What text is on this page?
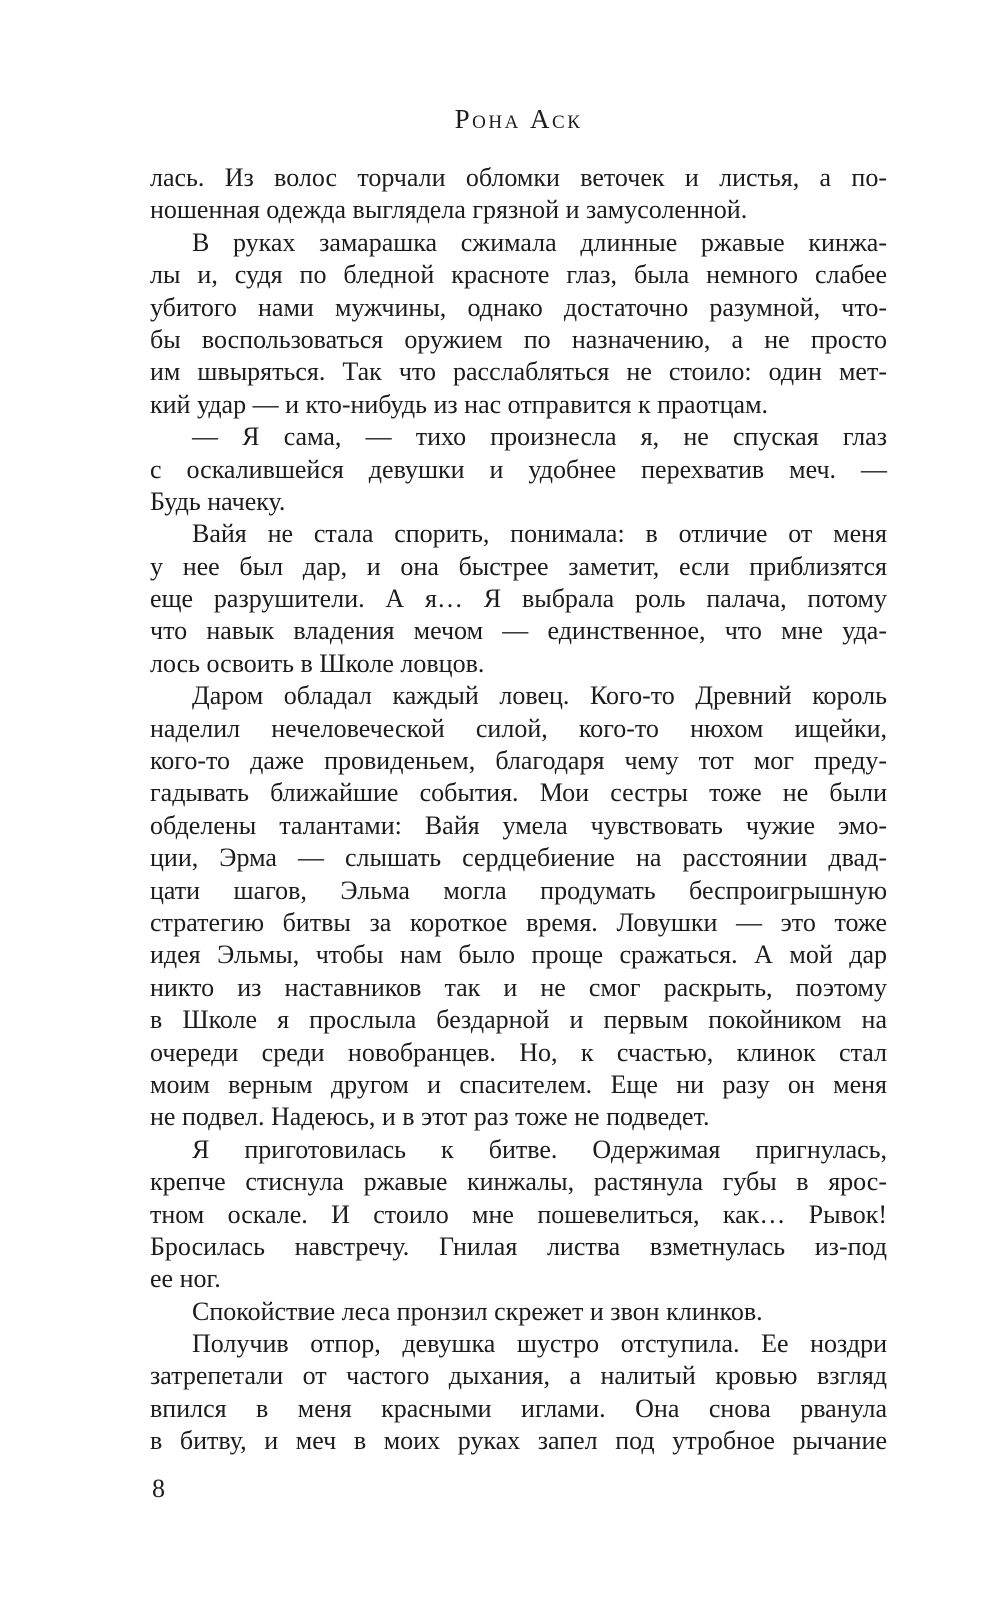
Рона Аск
лась. Из волос торчали обломки веточек и листья, а по-
ношенная одежда выглядела грязной и замусоленной.
В руках замарашка сжимала длинные ржавые кинжа-
лы и, судя по бледной красноте глаз, была немного слабее
убитого нами мужчины, однако достаточно разумной, что-
бы воспользоваться оружием по назначению, а не просто
им швыряться. Так что расслабляться не стоило: один мет-
кий удар — и кто-нибудь из нас отправится к праотцам.
— Я сама, — тихо произнесла я, не спуская глаз
с оскалившейся девушки и удобнее перехватив меч. —
Будь начеку.
Вайя не стала спорить, понимала: в отличие от меня
у нее был дар, и она быстрее заметит, если приблизятся
еще разрушители. А я… Я выбрала роль палача, потому
что навык владения мечом — единственное, что мне уда-
лось освоить в Школе ловцов.
Даром обладал каждый ловец. Кого-то Древний король
наделил нечеловеческой силой, кого-то нюхом ищейки,
кого-то даже провиденьем, благодаря чему тот мог преду-
гадывать ближайшие события. Мои сестры тоже не были
обделены талантами: Вайя умела чувствовать чужие эмо-
ции, Эрма — слышать сердцебиение на расстоянии двад-
цати шагов, Эльма могла продумать беспроигрышную
стратегию битвы за короткое время. Ловушки — это тоже
идея Эльмы, чтобы нам было проще сражаться. А мой дар
никто из наставников так и не смог раскрыть, поэтому
в Школе я прослыла бездарной и первым покойником на
очереди среди новобранцев. Но, к счастью, клинок стал
моим верным другом и спасителем. Еще ни разу он меня
не подвел. Надеюсь, и в этот раз тоже не подведет.
Я приготовилась к битве. Одержимая пригнулась,
крепче стиснула ржавые кинжалы, растянула губы в ярос-
тном оскале. И стоило мне пошевелиться, как… Рывок!
Бросилась навстречу. Гнилая листва взметнулась из-под
ее ног.
Спокойствие леса пронзил скрежет и звон клинков.
Получив отпор, девушка шустро отступила. Ее ноздри
затрепетали от частого дыхания, а налитый кровью взгляд
впился в меня красными иглами. Она снова рванула
в битву, и меч в моих руках запел под утробное рычание
8
